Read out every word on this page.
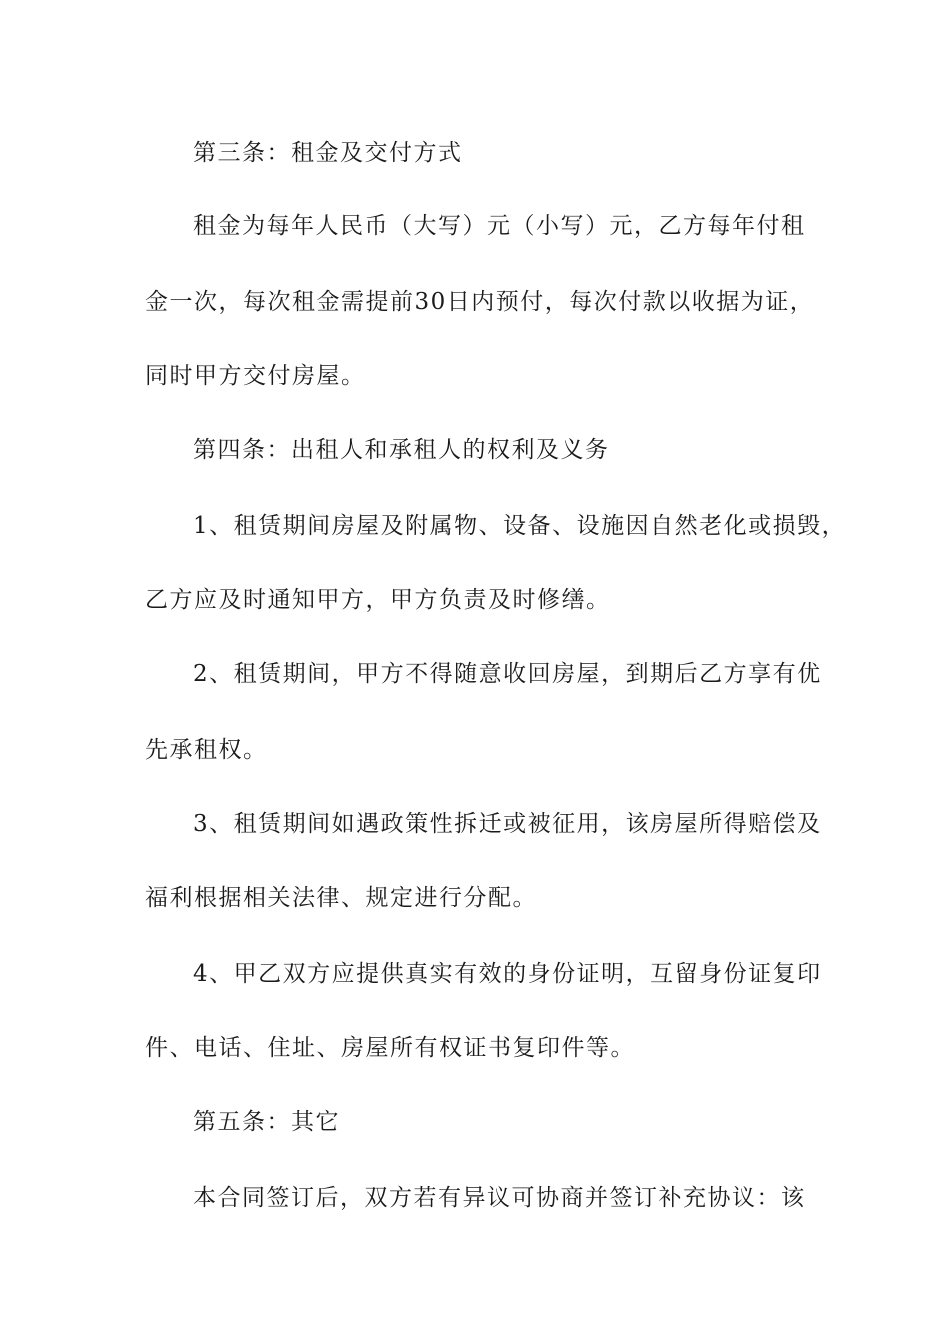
第三条：租金及交付方式
租金为每年人民币（大写）元（小写）元，乙方每年付租
金一次，每次租金需提前30日内预付，每次付款以收据为证，
同时甲方交付房屋。
第四条：出租人和承租人的权利及义务
1、租赁期间房屋及附属物、设备、设施因自然老化或损毁，
乙方应及时通知甲方，甲方负责及时修缮。
2、租赁期间，甲方不得随意收回房屋，到期后乙方享有优
先承租权。
3、租赁期间如遇政策性拆迁或被征用，该房屋所得赔偿及
福利根据相关法律、规定进行分配。
4、甲乙双方应提供真实有效的身份证明，互留身份证复印
件、电话、住址、房屋所有权证书复印件等。
第五条：其它
本合同签订后，双方若有异议可协商并签订补充协议：该
